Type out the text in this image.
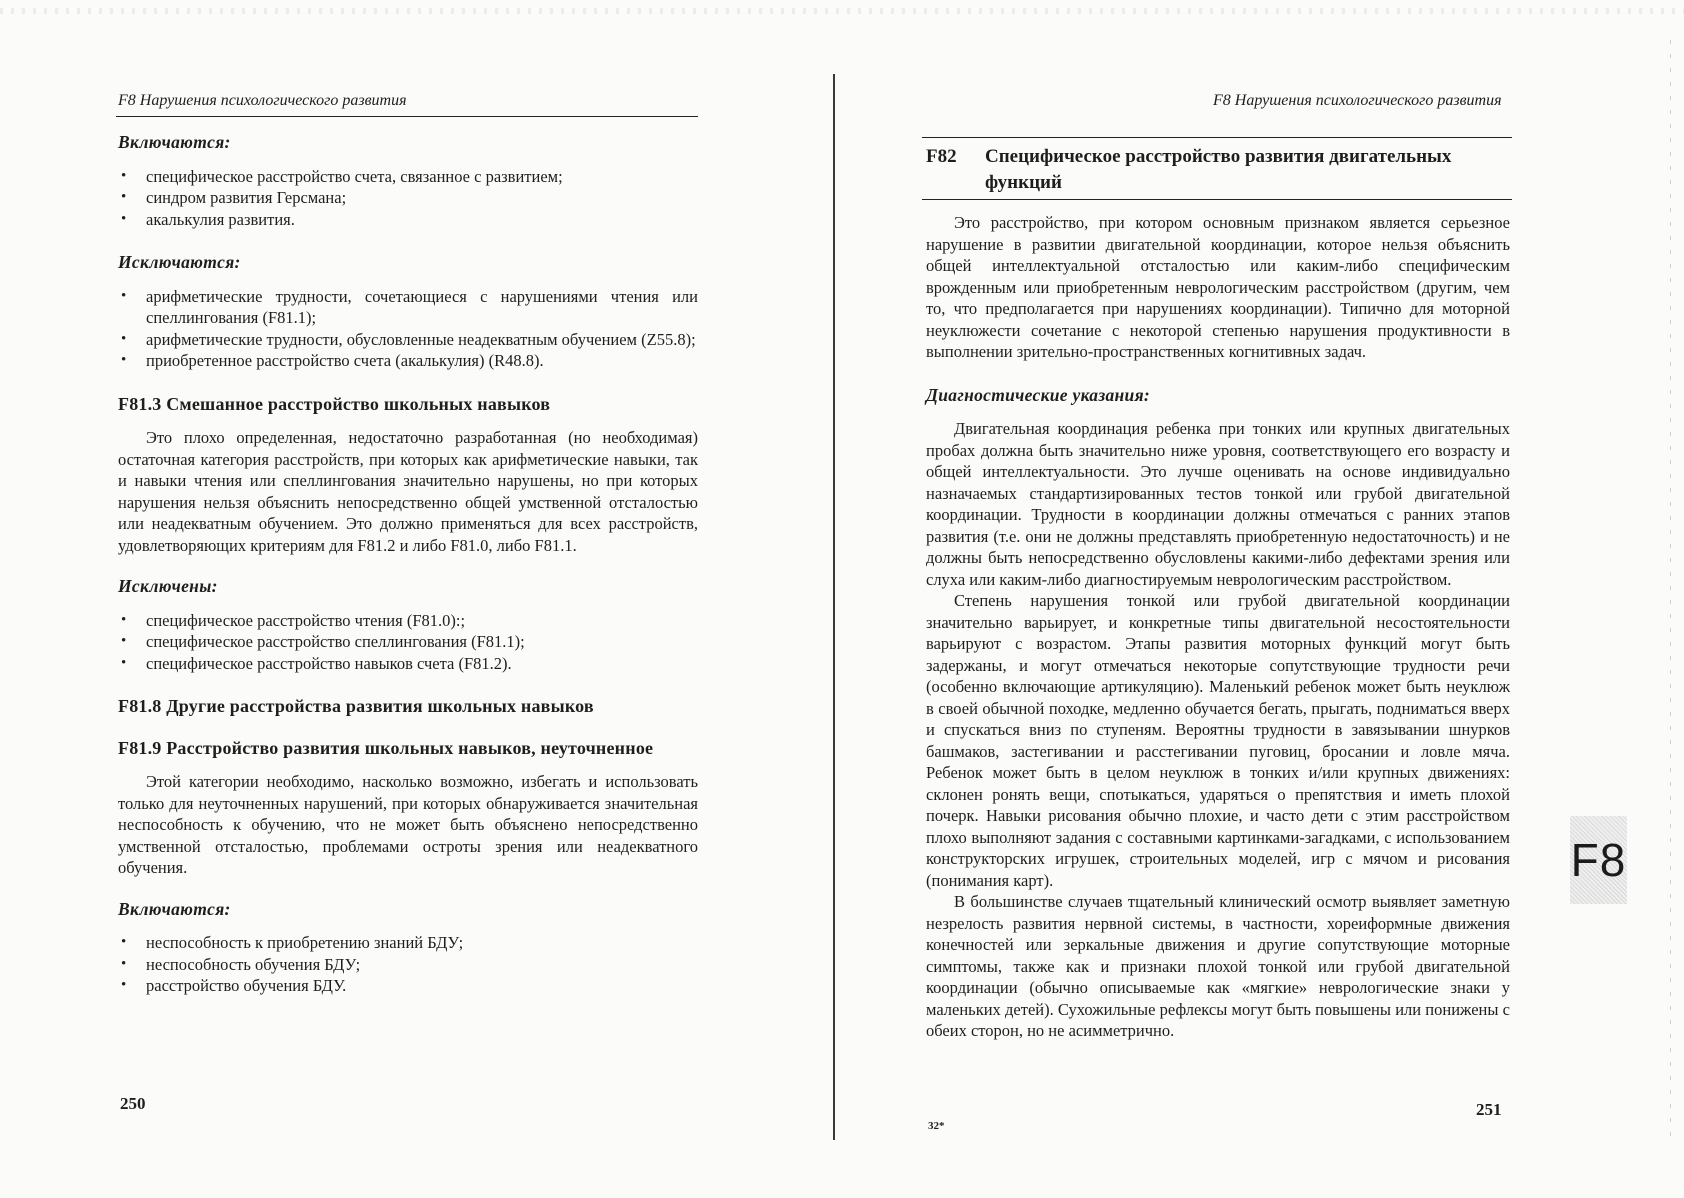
F8 Нарушения психологического развития
Включаются:
• специфическое расстройство счета, связанное с развитием;
• синдром развития Герсмана;
• акалькулия развития.
Исключаются:
• арифметические трудности, сочетающиеся с нарушениями чтения или спеллингования (F81.1);
• арифметические трудности, обусловленные неадекватным обучением (Z55.8);
• приобретенное расстройство счета (акалькулия) (R48.8).
F81.3 Смешанное расстройство школьных навыков

Это плохо определенная, недостаточно разработанная (но необходимая) остаточная категория расстройств, при которых как арифметические навыки, так и навыки чтения или спеллингования значительно нарушены, но при которых нарушения нельзя объяснить непосредственно общей умственной отсталостью или неадекватным обучением. Это должно применяться для всех расстройств, удовлетворяющих критериям для F81.2 и либо F81.0, либо F81.1.

Исключены:
• специфическое расстройство чтения (F81.0):;
• специфическое расстройство спеллингования (F81.1);
• специфическое расстройство навыков счета (F81.2).
F81.8 Другие расстройства развития школьных навыков
F81.9 Расстройство развития школьных навыков, неуточненное

Этой категории необходимо, насколько возможно, избегать и использовать только для неуточненных нарушений, при которых обнаруживается значительная неспособность к обучению, что не может быть объяснено непосредственно умственной отсталостью, проблемами остроты зрения или неадекватного обучения.

Включаются:
• неспособность к приобретению знаний БДУ;
• неспособность обучения БДУ;
• расстройство обучения БДУ.
250
F8 Нарушения психологического развития
F82 Специфическое расстройство развития двигательных функций

Это расстройство, при котором основным признаком является серьезное нарушение в развитии двигательной координации, которое нельзя объяснить общей интеллектуальной отсталостью или каким-либо специфическим врожденным или приобретенным неврологическим расстройством (другим, чем то, что предполагается при нарушениях координации). Типично для моторной неуклюжести сочетание с некоторой степенью нарушения продуктивности в выполнении зрительно-пространственных когнитивных задач.

Диагностические указания:

Двигательная координация ребенка при тонких или крупных двигательных пробах должна быть значительно ниже уровня, соответствующего его возрасту и общей интеллектуальности. Это лучше оценивать на основе индивидуально назначаемых стандартизированных тестов тонкой или грубой двигательной координации. Трудности в координации должны отмечаться с ранних этапов развития (т.е. они не должны представлять приобретенную недостаточность) и не должны быть непосредственно обусловлены какими-либо дефектами зрения или слуха или каким-либо диагностируемым неврологическим расстройством.

Степень нарушения тонкой или грубой двигательной координации значительно варьирует, и конкретные типы двигательной несостоятельности варьируют с возрастом. Этапы развития моторных функций могут быть задержаны, и могут отмечаться некоторые сопутствующие трудности речи (особенно включающие артикуляцию). Маленький ребенок может быть неуклюж в своей обычной походке, медленно обучается бегать, прыгать, подниматься вверх и спускаться вниз по ступеням. Вероятны трудности в завязывании шнурков башмаков, застегивании и расстегивании пуговиц, бросании и ловле мяча. Ребенок может быть в целом неуклюж в тонких и/или крупных движениях: склонен ронять вещи, спотыкаться, ударяться о препятствия и иметь плохой почерк. Навыки рисования обычно плохие, и часто дети с этим расстройством плохо выполняют задания с составными картинками-загадками, с использованием конструкторских игрушек, строительных моделей, игр с мячом и рисования (понимания карт).

В большинстве случаев тщательный клинический осмотр выявляет заметную незрелость развития нервной системы, в частности, хореиформные движения конечностей или зеркальные движения и другие сопутствующие моторные симптомы, также как и признаки плохой тонкой или грубой двигательной координации (обычно описываемые как «мягкие» неврологические знаки у маленьких детей). Сухожильные рефлексы могут быть повышены или понижены с обеих сторон, но не асимметрично.

32*
251
F8
